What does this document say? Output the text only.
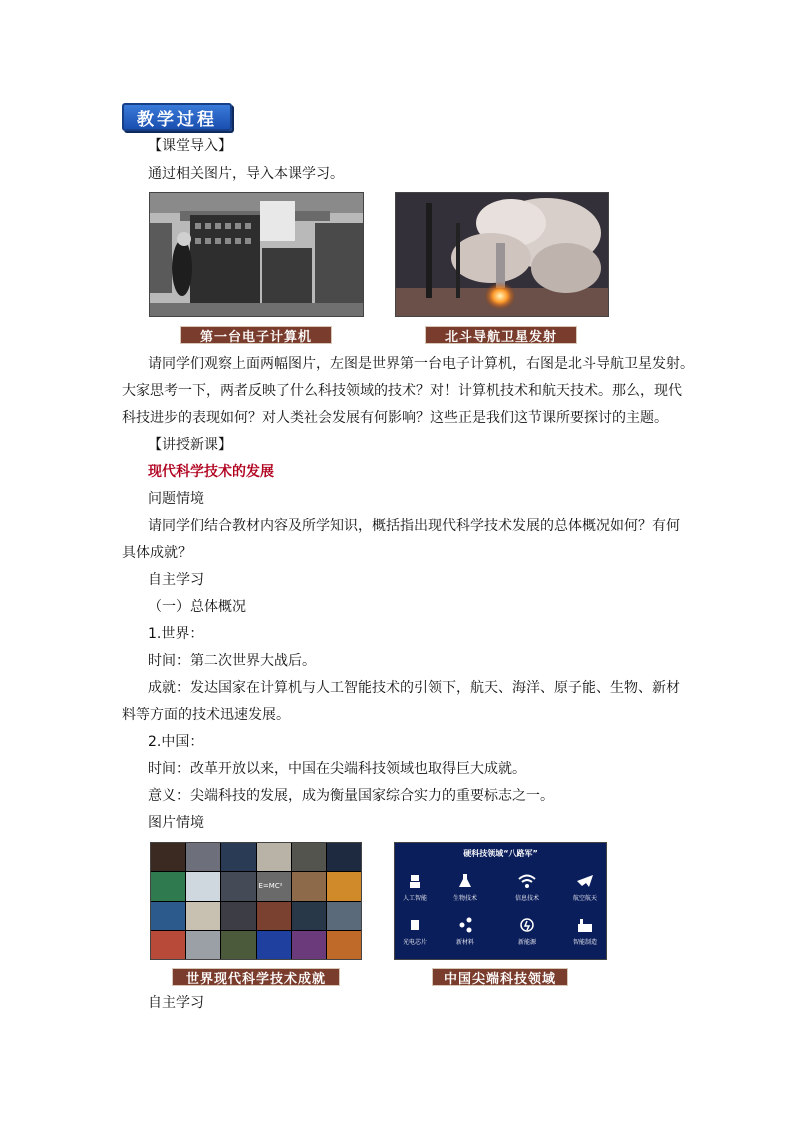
教学过程
【课堂导入】
通过相关图片，导入本课学习。
第一台电子计算机	北斗导航卫星发射
请同学们观察上面两幅图片，左图是世界第一台电子计算机，右图是北斗导航卫星发射。
大家思考一下，两者反映了什么科技领域的技术？对！计算机技术和航天技术。那么，现代
科技进步的表现如何？对人类社会发展有何影响？这些正是我们这节课所要探讨的主题。
【讲授新课】
现代科学技术的发展
问题情境
请同学们结合教材内容及所学知识，概括指出现代科学技术发展的总体概况如何？有何
具体成就？
自主学习
（一）总体概况
1.世界：
时间：第二次世界大战后。
成就：发达国家在计算机与人工智能技术的引领下，航天、海洋、原子能、生物、新材
料等方面的技术迅速发展。
2.中国：
时间：改革开放以来，中国在尖端科技领域也取得巨大成就。
意义：尖端科技的发展，成为衡量国家综合实力的重要标志之一。
图片情境
E=MC²
硬科技领域“八路军”
人工智能	生物技术	信息技术	航空航天
光电芯片	新材料	新能源	智能制造
世界现代科学技术成就	中国尖端科技领域
自主学习
